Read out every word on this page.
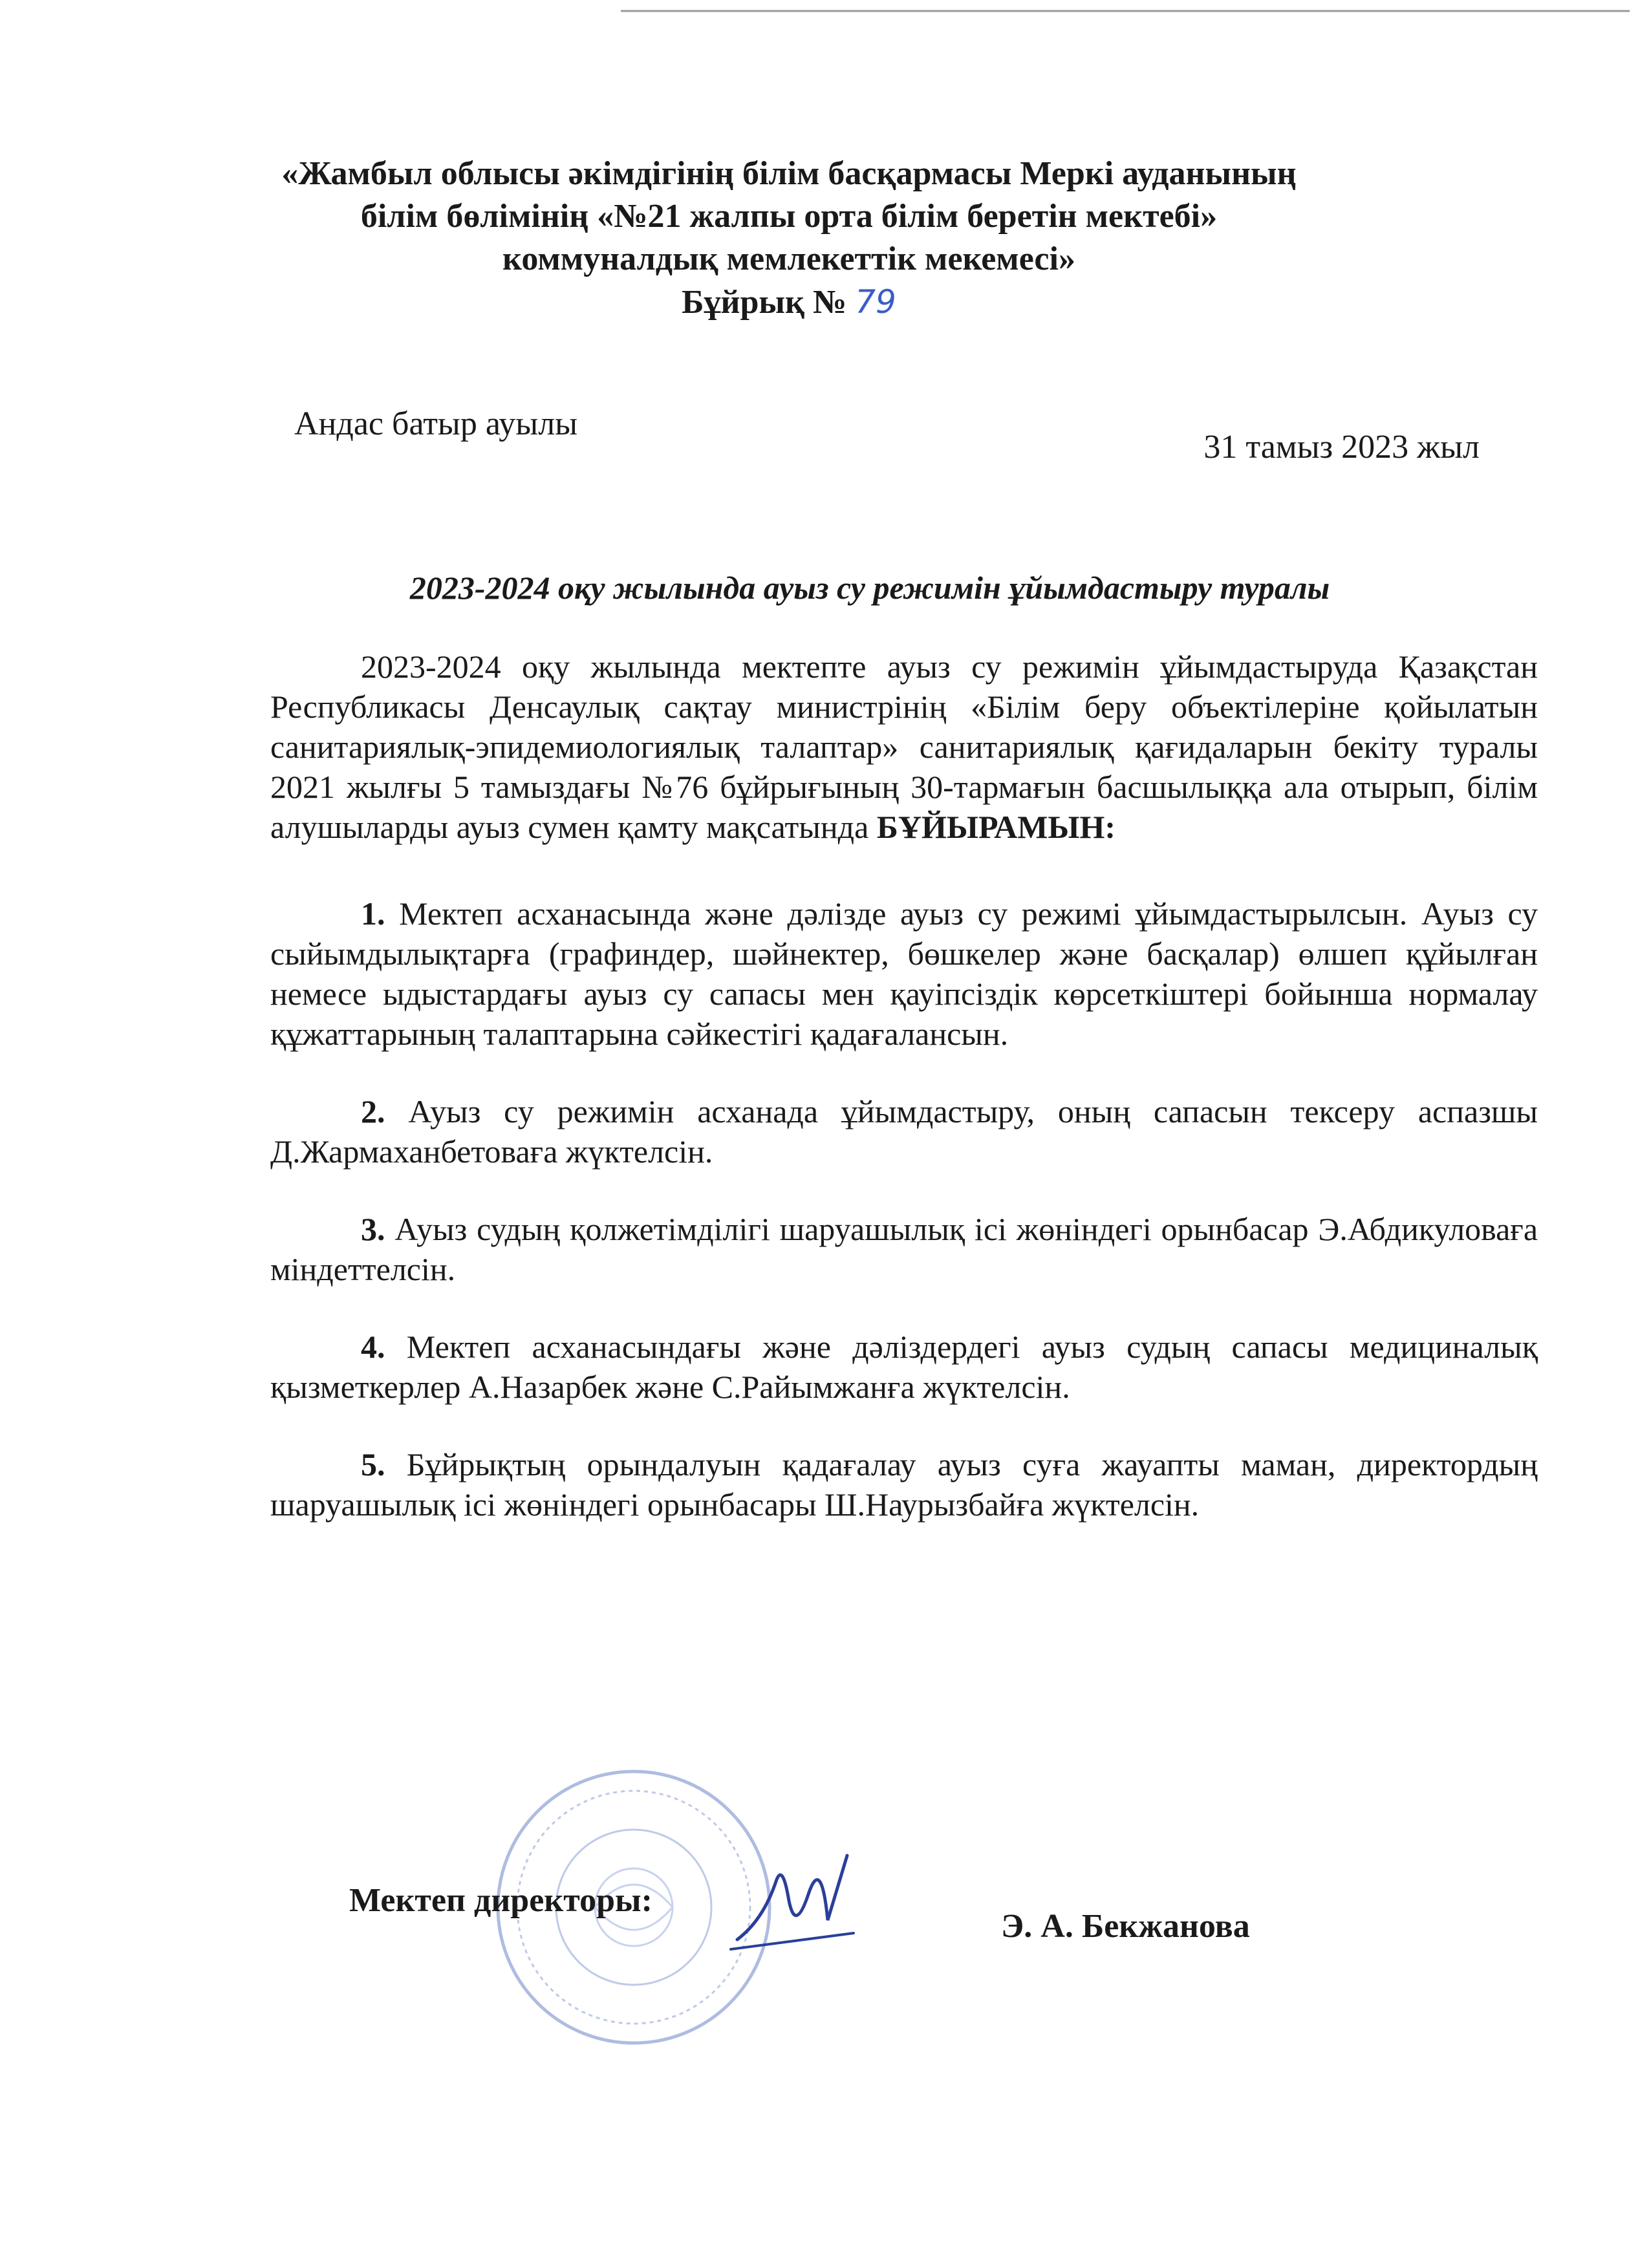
«Жамбыл облысы әкімдігінің білім басқармасы Меркі ауданының
білім бөлімінің «№21 жалпы орта білім беретін мектебі»
коммуналдық мемлекеттік мекемесі»
Бұйрық № 79
Андас батыр ауылы
31 тамыз 2023 жыл
2023-2024 оқу жылында ауыз су режимін ұйымдастыру туралы

2023-2024 оқу жылында мектепте ауыз су режимін ұйымдастыруда Қазақстан Республикасы Денсаулық сақтау министрінің «Білім беру объектілеріне қойылатын санитариялық-эпидемиологиялық талаптар» санитариялық қағидаларын бекіту туралы 2021 жылғы 5 тамыздағы №76 бұйрығының 30-тармағын басшылыққа ала отырып, білім алушыларды ауыз сумен қамту мақсатында БҰЙЫРАМЫН:

1. Мектеп асханасында және дәлізде ауыз су режимі ұйымдастырылсын. Ауыз су сыйымдылықтарға (графиндер, шәйнектер, бөшкелер және басқалар) өлшеп құйылған немесе ыдыстардағы ауыз су сапасы мен қауіпсіздік көрсеткіштері бойынша нормалау құжаттарының талаптарына сәйкестігі қадағалансын.

2. Ауыз су режимін асханада ұйымдастыру, оның сапасын тексеру аспазшы Д.Жармаханбетоваға жүктелсін.

3. Ауыз судың қолжетімділігі шаруашылық ісі жөніндегі орынбасар Э.Абдикуловаға міндеттелсін.

4. Мектеп асханасындағы және дәліздердегі ауыз судың сапасы медициналық қызметкерлер А.Назарбек және С.Райымжанға жүктелсін.

5. Бұйрықтың орындалуын қадағалау ауыз суға жауапты маман, директордың шаруашылық ісі жөніндегі орынбасары Ш.Наурызбайға жүктелсін.

Мектеп директоры:
Э. А. Бекжанова
